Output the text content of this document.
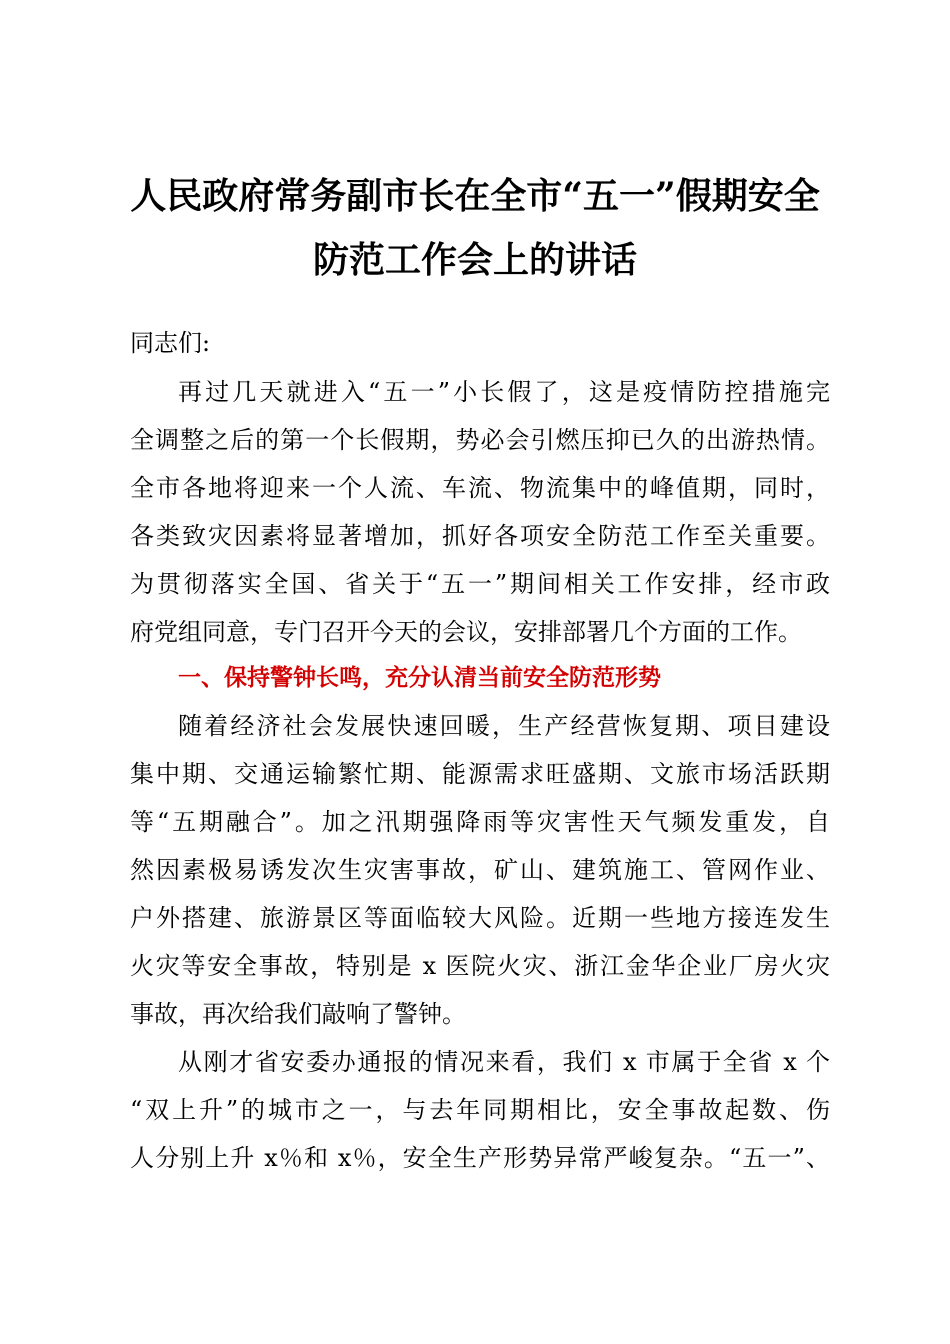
人民政府常务副市长在全市“五一”假期安全
防范工作会上的讲话
同志们:
再过几天就进入“五一”小长假了，这是疫情防控措施完
全调整之后的第一个长假期，势必会引燃压抑已久的出游热情。
全市各地将迎来一个人流、车流、物流集中的峰值期，同时，
各类致灾因素将显著增加，抓好各项安全防范工作至关重要。
为贯彻落实全国、省关于“五一”期间相关工作安排，经市政
府党组同意，专门召开今天的会议，安排部署几个方面的工作。
一、保持警钟长鸣，充分认清当前安全防范形势
随着经济社会发展快速回暖，生产经营恢复期、项目建设
集中期、交通运输繁忙期、能源需求旺盛期、文旅市场活跃期
等“五期融合”。加之汛期强降雨等灾害性天气频发重发，自
然因素极易诱发次生灾害事故，矿山、建筑施工、管网作业、
户外搭建、旅游景区等面临较大风险。近期一些地方接连发生
火灾等安全事故，特别是 x 医院火灾、浙江金华企业厂房火灾
事故，再次给我们敲响了警钟。
从刚才省安委办通报的情况来看，我们 x 市属于全省 x 个
“双上升”的城市之一，与去年同期相比，安全事故起数、伤
人分别上升 x％和 x％，安全生产形势异常严峻复杂。“五一”、
